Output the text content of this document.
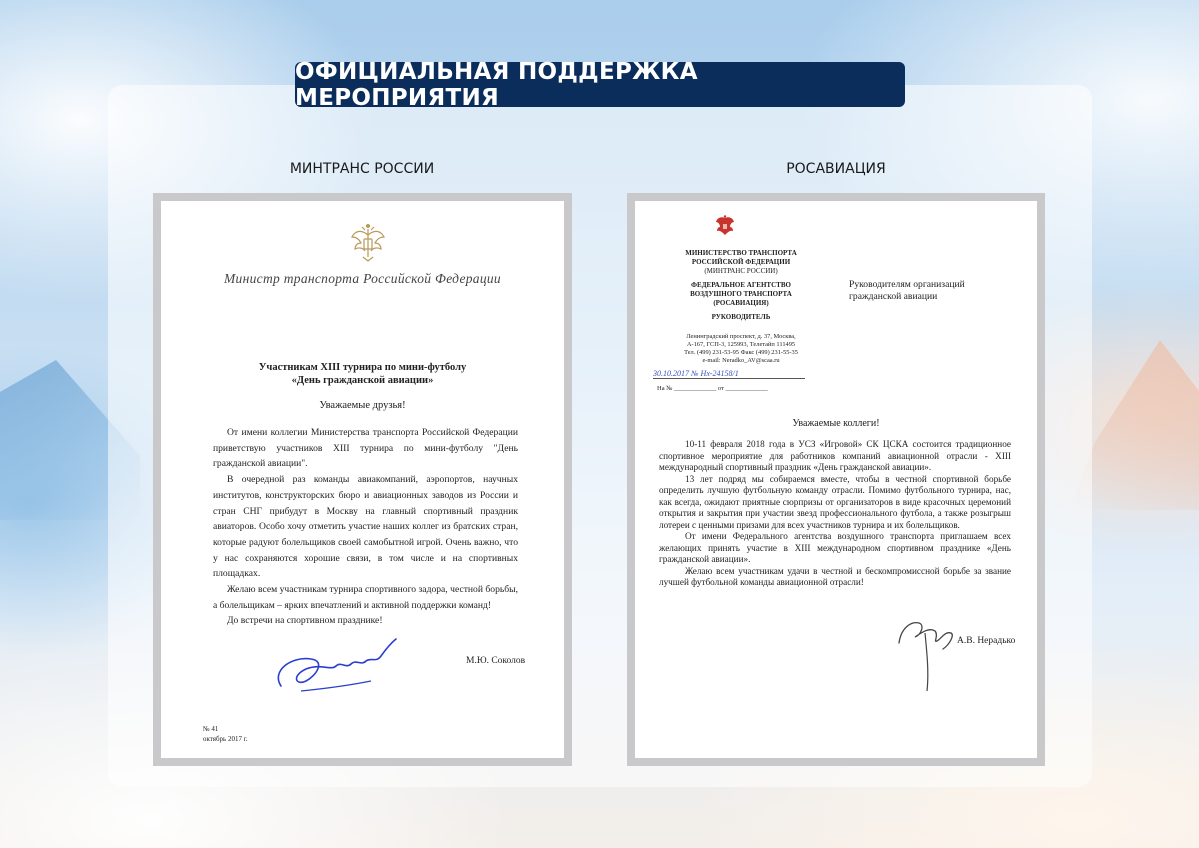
ОФИЦИАЛЬНАЯ ПОДДЕРЖКА МЕРОПРИЯТИЯ
МИНТРАНС РОССИИ
Министр транспорта Российской Федерации
Участникам XIII турнира по мини-футболу
«День гражданской авиации»
Уважаемые друзья!

От имени коллегии Министерства транспорта Российской Федерации приветствую участников XIII турнира по мини-футболу "День гражданской авиации".

В очередной раз команды авиакомпаний, аэропортов, научных институтов, конструкторских бюро и авиационных заводов из России и стран СНГ прибудут в Москву на главный спортивный праздник авиаторов. Особо хочу отметить участие наших коллег из братских стран, которые радуют болельщиков своей самобытной игрой. Очень важно, что у нас сохраняются хорошие связи, в том числе и на спортивных площадках.

Желаю всем участникам турнира спортивного задора, честной борьбы, а болельщикам – ярких впечатлений и активной поддержки команд!

До встречи на спортивном празднике!

М.Ю. Соколов
№ 41
октябрь 2017 г.
РОСАВИАЦИЯ
МИНИСТЕРСТВО ТРАНСПОРТА
РОССИЙСКОЙ ФЕДЕРАЦИИ
(МИНТРАНС РОССИИ)
ФЕДЕРАЛЬНОЕ АГЕНТСТВО
ВОЗДУШНОГО ТРАНСПОРТА
(РОСАВИАЦИЯ)
РУКОВОДИТЕЛЬ
Ленинградский проспект, д. 37, Москва,
А-167, ГСП-3, 125993, Телетайп 111495
Тел. (499) 231-53-95 Факс (499) 231-55-35
e-mail: Neradko_AV@scaa.ru
30.10.2017 № Нх-24158/1
На № _____________ от _____________
Руководителям организаций
гражданской авиации
Уважаемые коллеги!

10-11 февраля 2018 года в УСЗ «Игровой» СК ЦСКА состоится традиционное спортивное мероприятие для работников компаний авиационной отрасли - XIII международный спортивный праздник «День гражданской авиации».

13 лет подряд мы собираемся вместе, чтобы в честной спортивной борьбе определить лучшую футбольную команду отрасли. Помимо футбольного турнира, нас, как всегда, ожидают приятные сюрпризы от организаторов в виде красочных церемоний открытия и закрытия при участии звезд профессионального футбола, а также розыгрыш лотереи с ценными призами для всех участников турнира и их болельщиков.

От имени Федерального агентства воздушного транспорта приглашаем всех желающих принять участие в XIII международном спортивном празднике «День гражданской авиации».

Желаю всем участникам удачи в честной и бескомпромиссной борьбе за звание лучшей футбольной команды авиационной отрасли!

А.В. Нерадько
